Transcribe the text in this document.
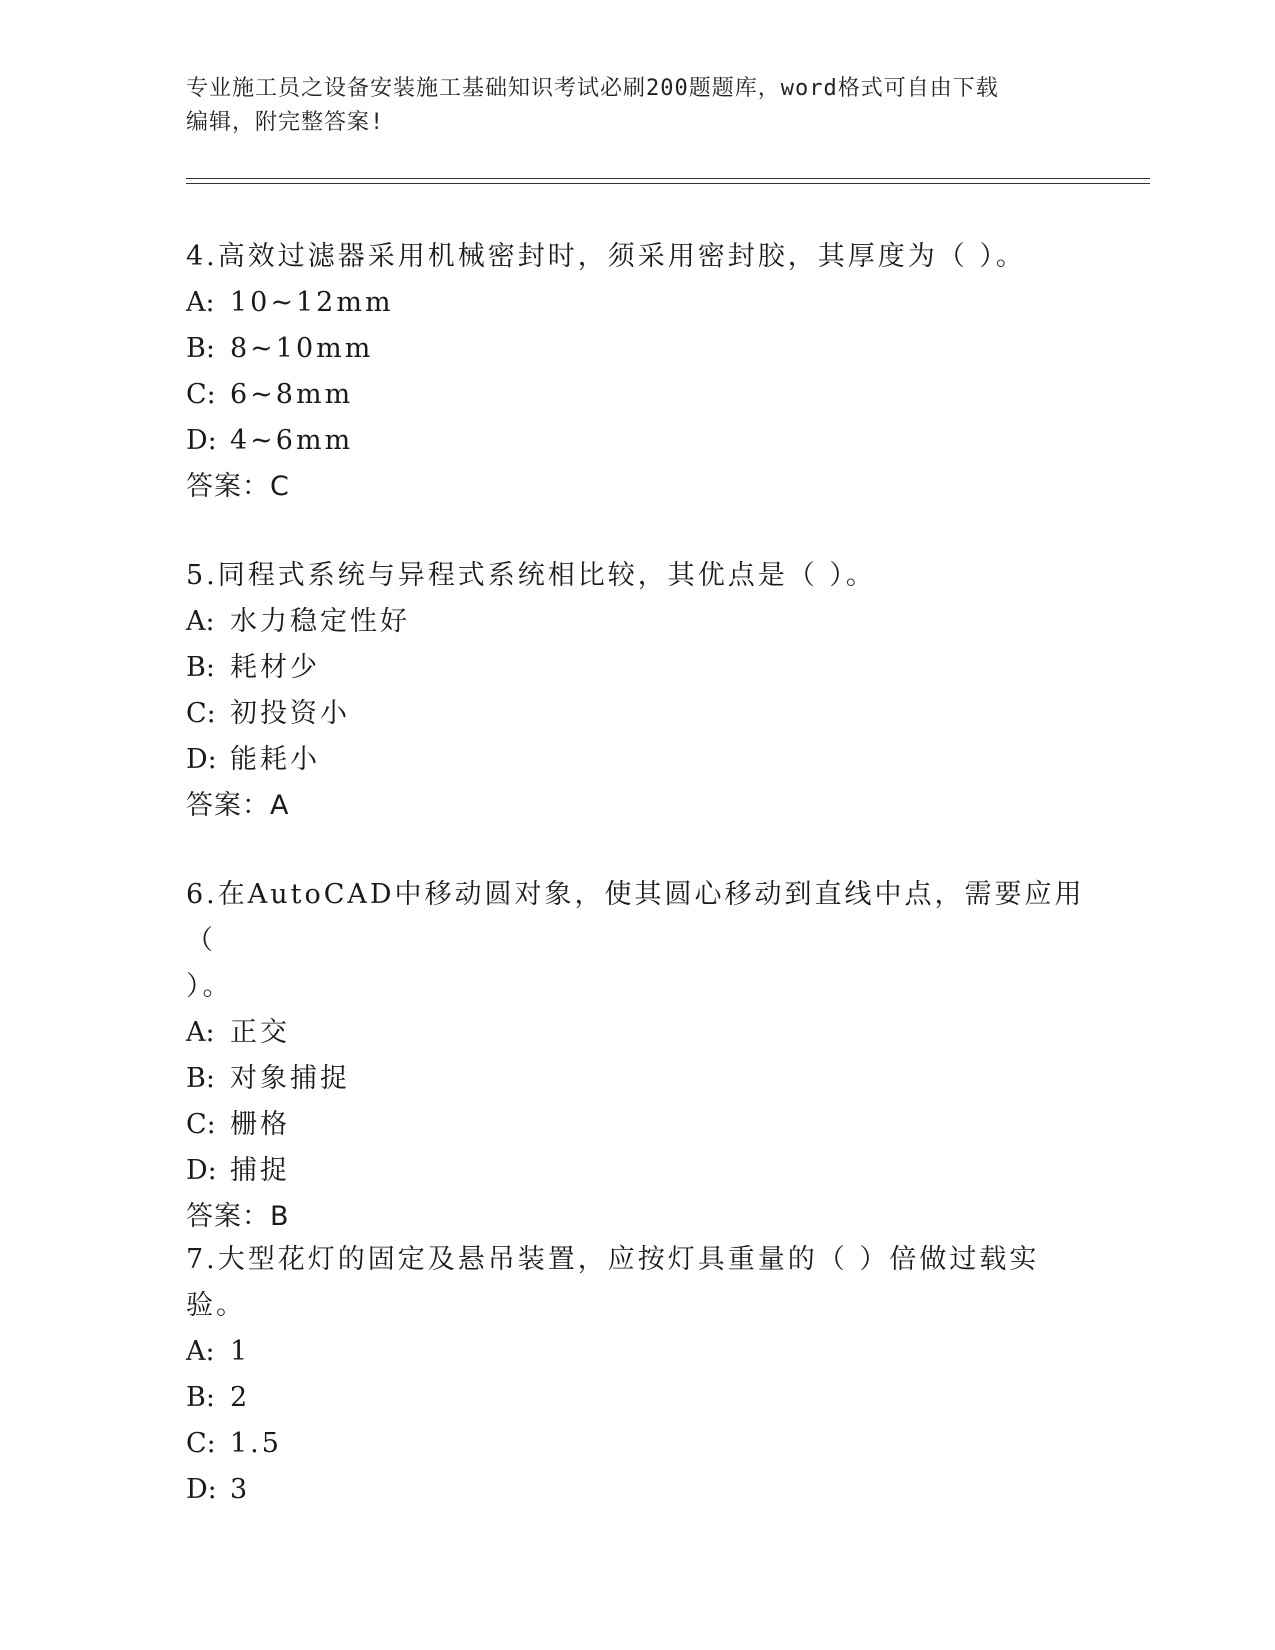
专业施工员之设备安装施工基础知识考试必刷200题题库，word格式可自由下载
编辑，附完整答案!
4.高效过滤器采用机械密封时，须采用密封胶，其厚度为（ ）。
A: 10~12mm
B: 8~10mm
C: 6~8mm
D: 4~6mm
答案：C
5.同程式系统与异程式系统相比较，其优点是（ ）。
A: 水力稳定性好
B: 耗材少
C: 初投资小
D: 能耗小
答案：A
6.在AutoCAD中移动圆对象，使其圆心移动到直线中点，需要应用（
）。
A: 正交
B: 对象捕捉
C: 栅格
D: 捕捉
答案：B
7.大型花灯的固定及悬吊装置，应按灯具重量的（ ）倍做过载实验。
A: 1
B: 2
C: 1.5
D: 3
